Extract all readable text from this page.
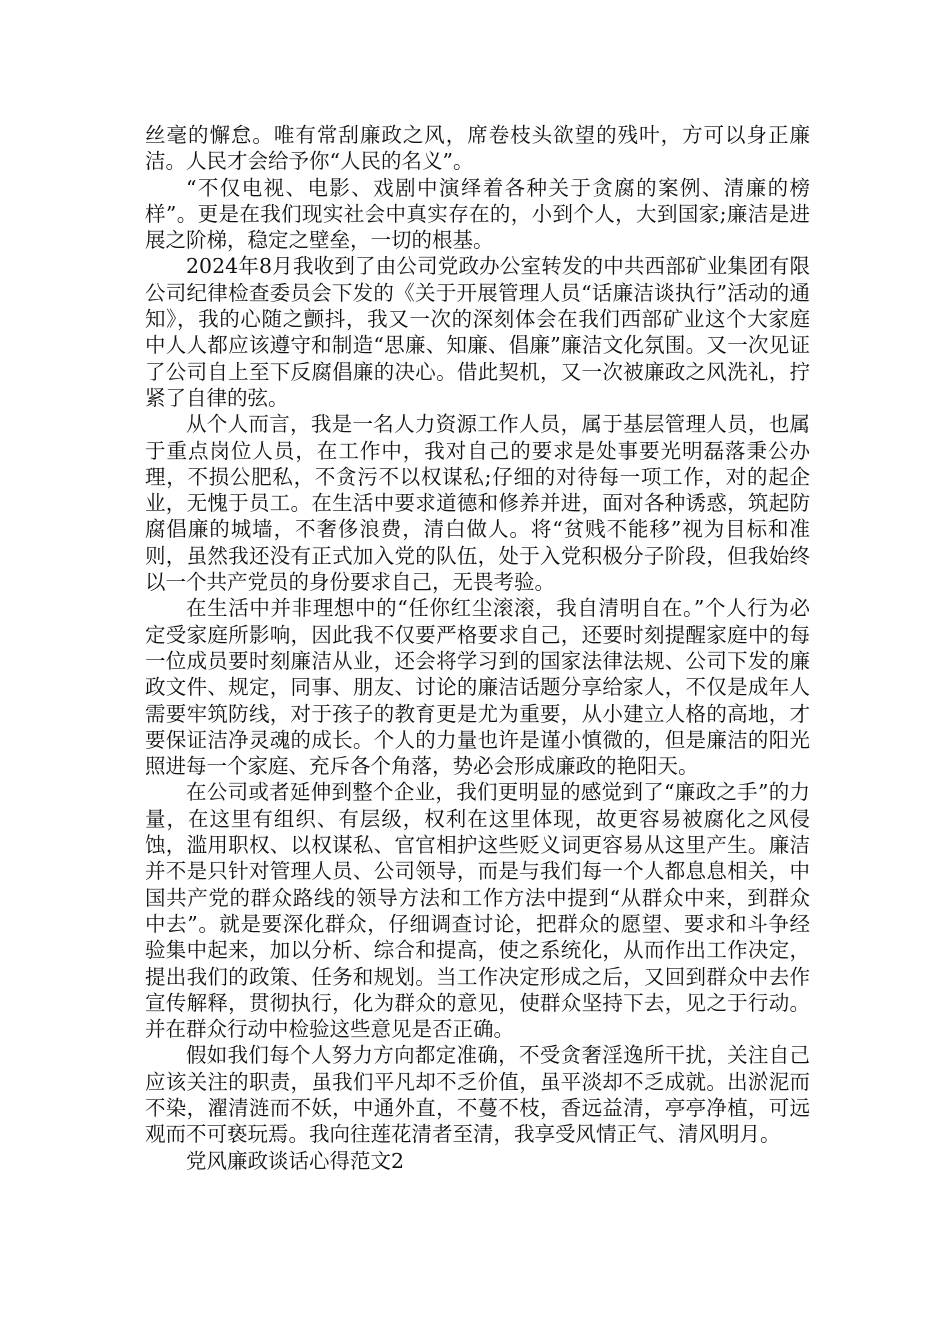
丝毫的懈怠。唯有常刮廉政之风，席卷枝头欲望的残叶，方可以身正廉洁。人民才会给予你“人民的名义”。

“不仅电视、电影、戏剧中演绎着各种关于贪腐的案例、清廉的榜样”。更是在我们现实社会中真实存在的，小到个人，大到国家;廉洁是进展之阶梯，稳定之壁垒，一切的根基。

2024年8月我收到了由公司党政办公室转发的中共西部矿业集团有限公司纪律检查委员会下发的《关于开展管理人员“话廉洁谈执行”活动的通知》，我的心随之颤抖，我又一次的深刻体会在我们西部矿业这个大家庭中人人都应该遵守和制造“思廉、知廉、倡廉”廉洁文化氛围。又一次见证了公司自上至下反腐倡廉的决心。借此契机，又一次被廉政之风洗礼，拧紧了自律的弦。

从个人而言，我是一名人力资源工作人员，属于基层管理人员，也属于重点岗位人员，在工作中，我对自己的要求是处事要光明磊落秉公办理，不损公肥私，不贪污不以权谋私;仔细的对待每一项工作，对的起企业，无愧于员工。在生活中要求道德和修养并进，面对各种诱惑，筑起防腐倡廉的城墙，不奢侈浪费，清白做人。将“贫贱不能移”视为目标和准则，虽然我还没有正式加入党的队伍，处于入党积极分子阶段，但我始终以一个共产党员的身份要求自己，无畏考验。

在生活中并非理想中的“任你红尘滚滚，我自清明自在。”个人行为必定受家庭所影响，因此我不仅要严格要求自己，还要时刻提醒家庭中的每一位成员要时刻廉洁从业，还会将学习到的国家法律法规、公司下发的廉政文件、规定，同事、朋友、讨论的廉洁话题分享给家人，不仅是成年人需要牢筑防线，对于孩子的教育更是尤为重要，从小建立人格的高地，才要保证洁净灵魂的成长。个人的力量也许是谨小慎微的，但是廉洁的阳光照进每一个家庭、充斥各个角落，势必会形成廉政的艳阳天。

在公司或者延伸到整个企业，我们更明显的感觉到了“廉政之手”的力量，在这里有组织、有层级，权利在这里体现，故更容易被腐化之风侵蚀，滥用职权、以权谋私、官官相护这些贬义词更容易从这里产生。廉洁并不是只针对管理人员、公司领导，而是与我们每一个人都息息相关，中国共产党的群众路线的领导方法和工作方法中提到“从群众中来，到群众中去”。就是要深化群众，仔细调查讨论，把群众的愿望、要求和斗争经验集中起来，加以分析、综合和提高，使之系统化，从而作出工作决定，提出我们的政策、任务和规划。当工作决定形成之后，又回到群众中去作宣传解释，贯彻执行，化为群众的意见，使群众坚持下去，见之于行动。并在群众行动中检验这些意见是否正确。

假如我们每个人努力方向都定准确，不受贪奢淫逸所干扰，关注自己应该关注的职责，虽我们平凡却不乏价值，虽平淡却不乏成就。出淤泥而不染，濯清涟而不妖，中通外直，不蔓不枝，香远益清，亭亭净植，可远观而不可亵玩焉。我向往莲花清者至清，我享受风情正气、清风明月。

党风廉政谈话心得范文2
